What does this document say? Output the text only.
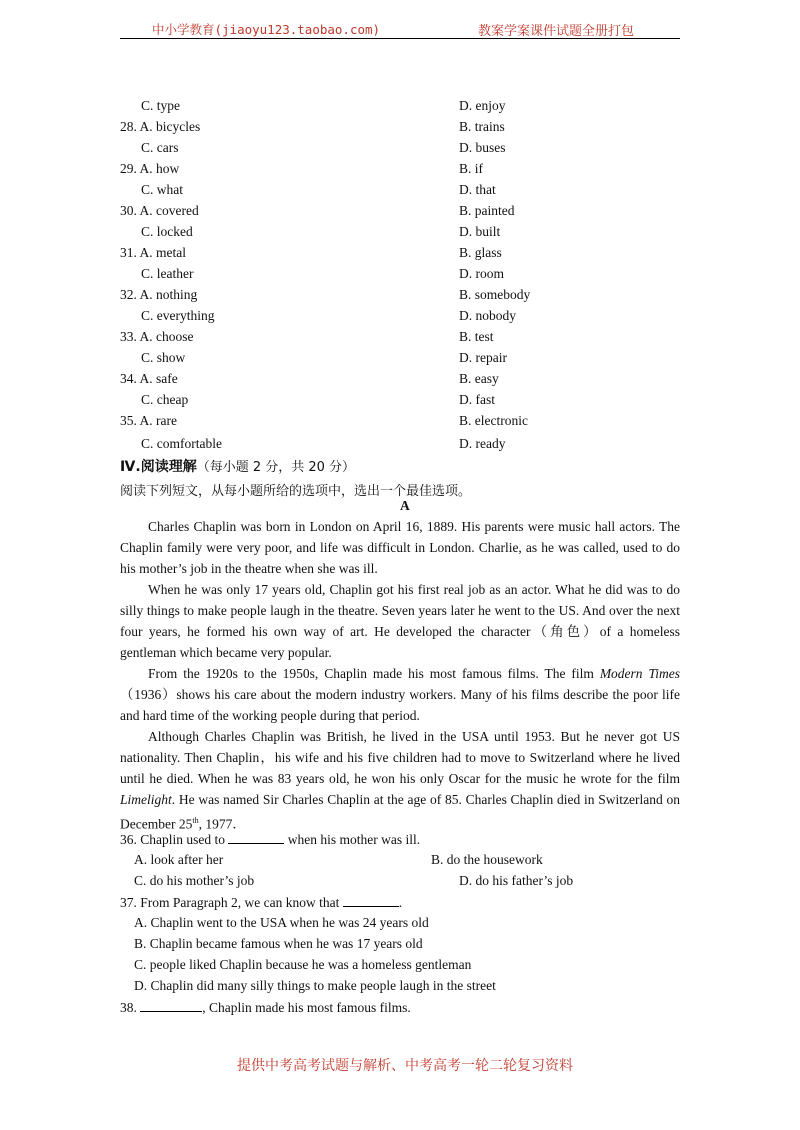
中小学教育(jiaoyu123.taobao.com)	教案学案课件试题全册打包
C. type	D. enjoy
28. A. bicycles	B. trains
C. cars	D. buses
29. A. how	B. if
C. what	D. that
30. A. covered	B. painted
C. locked	D. built
31. A. metal	B. glass
C. leather	D. room
32. A. nothing	B. somebody
C. everything	D. nobody
33. A. choose	B. test
C. show	D. repair
34. A. safe	B. easy
C. cheap	D. fast
35. A. rare	B. electronic
C. comfortable	D. ready
Ⅳ.阅读理解（每小题 2 分，共 20 分）
阅读下列短文，从每小题所给的选项中，选出一个最佳选项。
A
Charles Chaplin was born in London on April 16, 1889. His parents were music hall actors. The Chaplin family were very poor, and life was difficult in London. Charlie, as he was called, used to do his mother’s job in the theatre when she was ill.
When he was only 17 years old, Chaplin got his first real job as an actor. What he did was to do silly things to make people laugh in the theatre. Seven years later he went to the US. And over the next four years, he formed his own way of art. He developed the character（角色）of a homeless gentleman which became very popular.
From the 1920s to the 1950s, Chaplin made his most famous films. The film Modern Times（1936）shows his care about the modern industry workers. Many of his films describe the poor life and hard time of the working people during that period.
Although Charles Chaplin was British, he lived in the USA until 1953. But he never got US nationality. Then Chaplin，his wife and his five children had to move to Switzerland where he lived until he died. When he was 83 years old, he won his only Oscar for the music he wrote for the film Limelight. He was named Sir Charles Chaplin at the age of 85. Charles Chaplin died in Switzerland on December 25th, 1977．
36. Chaplin used to	when his mother was ill.
A. look after her	B. do the housework
C. do his mother’s job	D. do his father’s job
37. From Paragraph 2, we can know that	.
A. Chaplin went to the USA when he was 24 years old
B. Chaplin became famous when he was 17 years old
C. people liked Chaplin because he was a homeless gentleman
D. Chaplin did many silly things to make people laugh in the street
38.	, Chaplin made his most famous films.
提供中考高考试题与解析、中考高考一轮二轮复习资料
